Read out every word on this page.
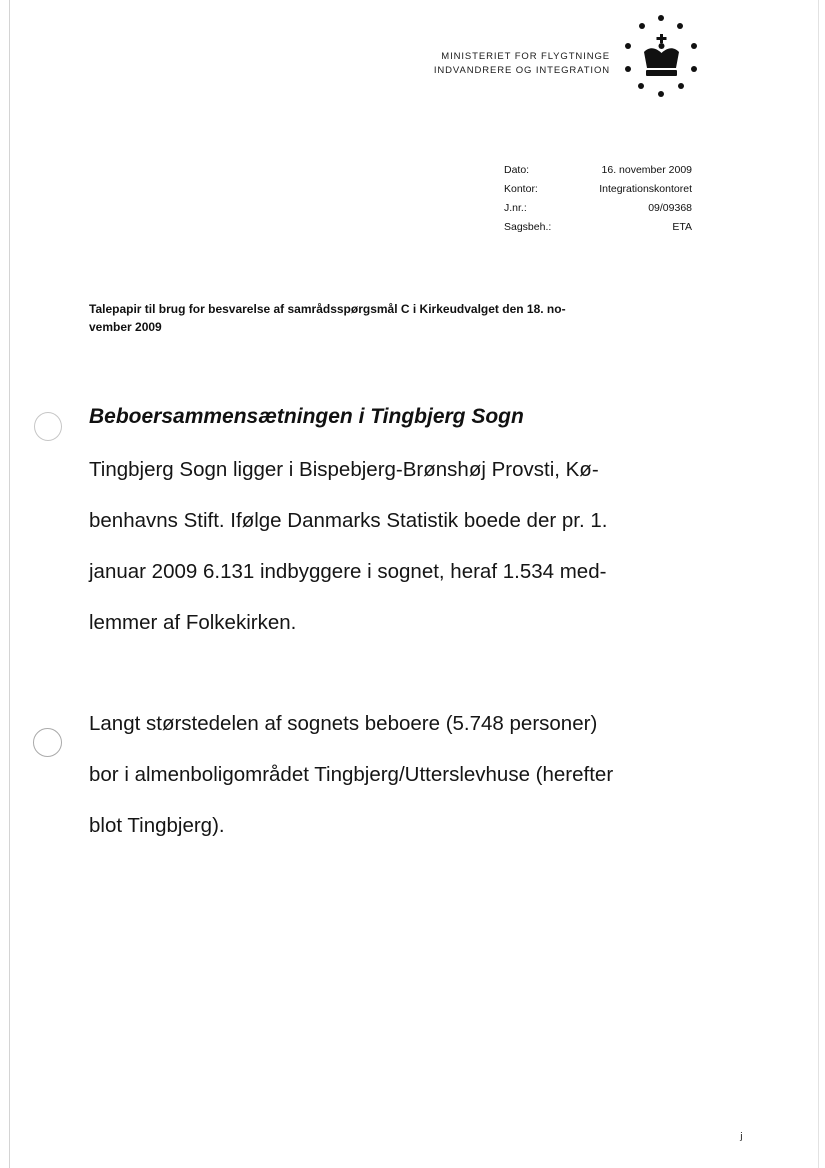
MINISTERIET FOR FLYGTNINGE
INDVANDRERE OG INTEGRATION
Dato:	16. november 2009
Kontor:	Integrationskontoret
J.nr.:	09/09368
Sagsbeh.:	ETA
Talepapir til brug for besvarelse af samrådsspørgsmål C i Kirkeudvalget den 18. no-
vember 2009
Beboersammensætningen i Tingbjerg Sogn
Tingbjerg Sogn ligger i Bispebjerg-Brønshøj Provsti, Kø-
benhavns Stift. Ifølge Danmarks Statistik boede der pr. 1.
januar 2009 6.131 indbyggere i sognet, heraf 1.534 med-
lemmer af Folkekirken.
Langt størstedelen af sognets beboere (5.748 personer)
bor i almenboligområdet Tingbjerg/Utterslevhuse (herefter
blot Tingbjerg).
ⱼ
